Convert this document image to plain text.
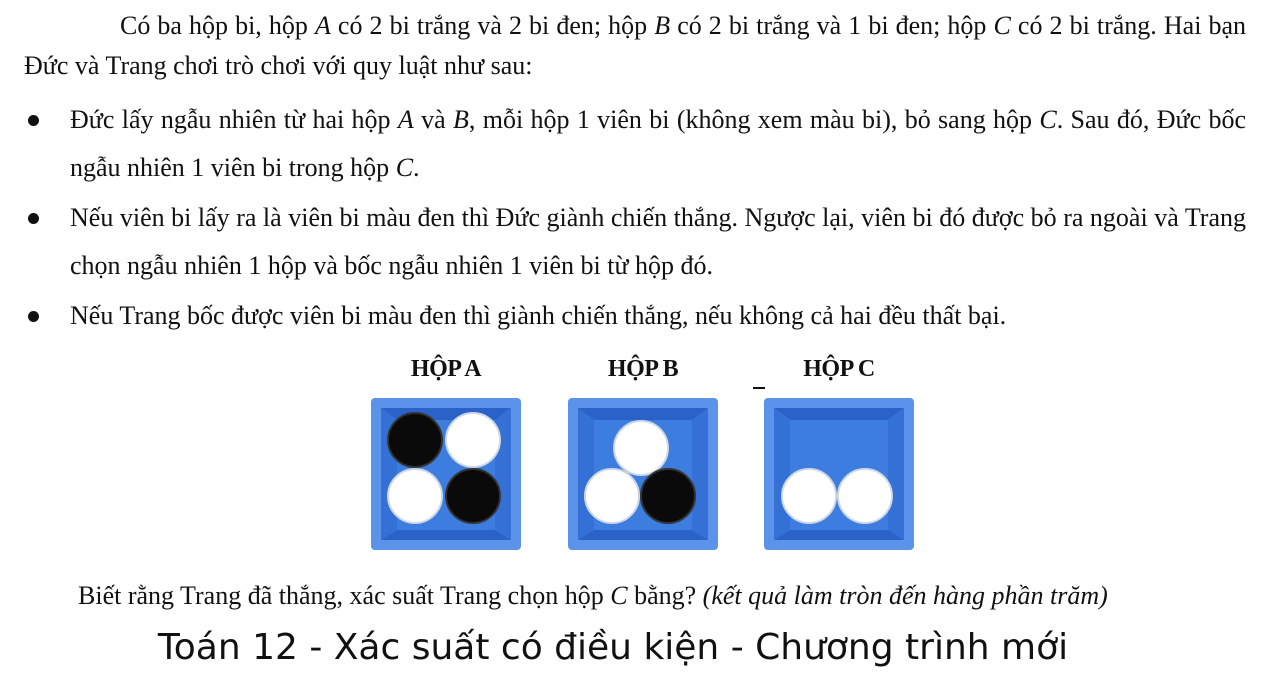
Có ba hộp bi, hộp A có 2 bi trắng và 2 bi đen; hộp B có 2 bi trắng và 1 bi đen; hộp C có 2 bi trắng. Hai bạn Đức và Trang chơi trò chơi với quy luật như sau:

Đức lấy ngẫu nhiên từ hai hộp A và B, mỗi hộp 1 viên bi (không xem màu bi), bỏ sang hộp C. Sau đó, Đức bốc ngẫu nhiên 1 viên bi trong hộp C.
Nếu viên bi lấy ra là viên bi màu đen thì Đức giành chiến thắng. Ngược lại, viên bi đó được bỏ ra ngoài và Trang chọn ngẫu nhiên 1 hộp và bốc ngẫu nhiên 1 viên bi từ hộp đó.
Nếu Trang bốc được viên bi màu đen thì giành chiến thắng, nếu không cả hai đều thất bại.
HỘP A	HỘP B	HỘP C
Biết rằng Trang đã thắng, xác suất Trang chọn hộp C bằng? (kết quả làm tròn đến hàng phần trăm)
Toán 12 - Xác suất có điều kiện - Chương trình mới
